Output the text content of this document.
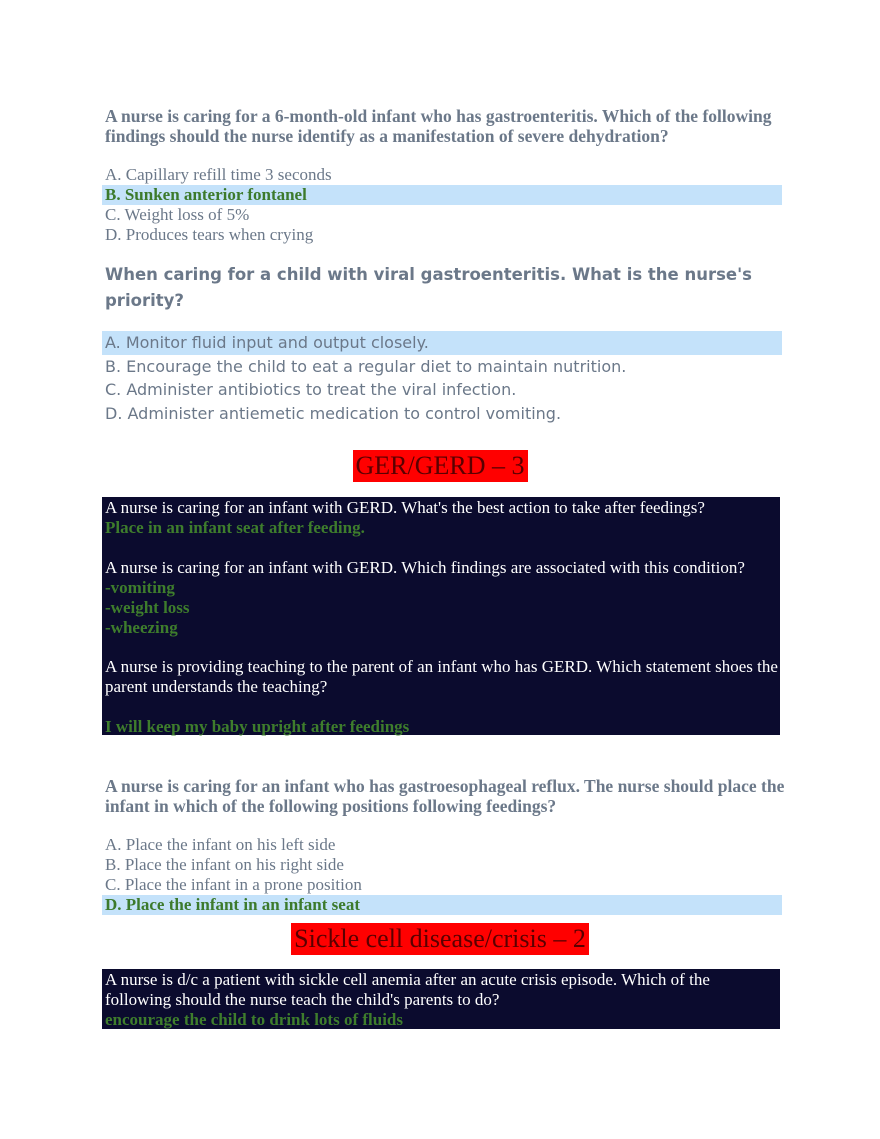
A nurse is caring for a 6-month-old infant who has gastroenteritis. Which of the following findings should the nurse identify as a manifestation of severe dehydration?

A. Capillary refill time 3 seconds

B. Sunken anterior fontanel

C. Weight loss of 5%

D. Produces tears when crying

When caring for a child with viral gastroenteritis. What is the nurse's priority?

A. Monitor fluid input and output closely.

B. Encourage the child to eat a regular diet to maintain nutrition.

C. Administer antibiotics to treat the viral infection.

D. Administer antiemetic medication to control vomiting.

GER/GERD – 3

A nurse is caring for an infant with GERD. What's the best action to take after feedings?

Place in an infant seat after feeding.

A nurse is caring for an infant with GERD. Which findings are associated with this condition?

-vomiting

-weight loss

-wheezing

A nurse is providing teaching to the parent of an infant who has GERD. Which statement shoes the parent understands the teaching?

I will keep my baby upright after feedings

A nurse is caring for an infant who has gastroesophageal reflux. The nurse should place the infant in which of the following positions following feedings?

A. Place the infant on his left side

B. Place the infant on his right side

C. Place the infant in a prone position

D. Place the infant in an infant seat

Sickle cell disease/crisis – 2

A nurse is d/c a patient with sickle cell anemia after an acute crisis episode. Which of the following should the nurse teach the child's parents to do?

encourage the child to drink lots of fluids
